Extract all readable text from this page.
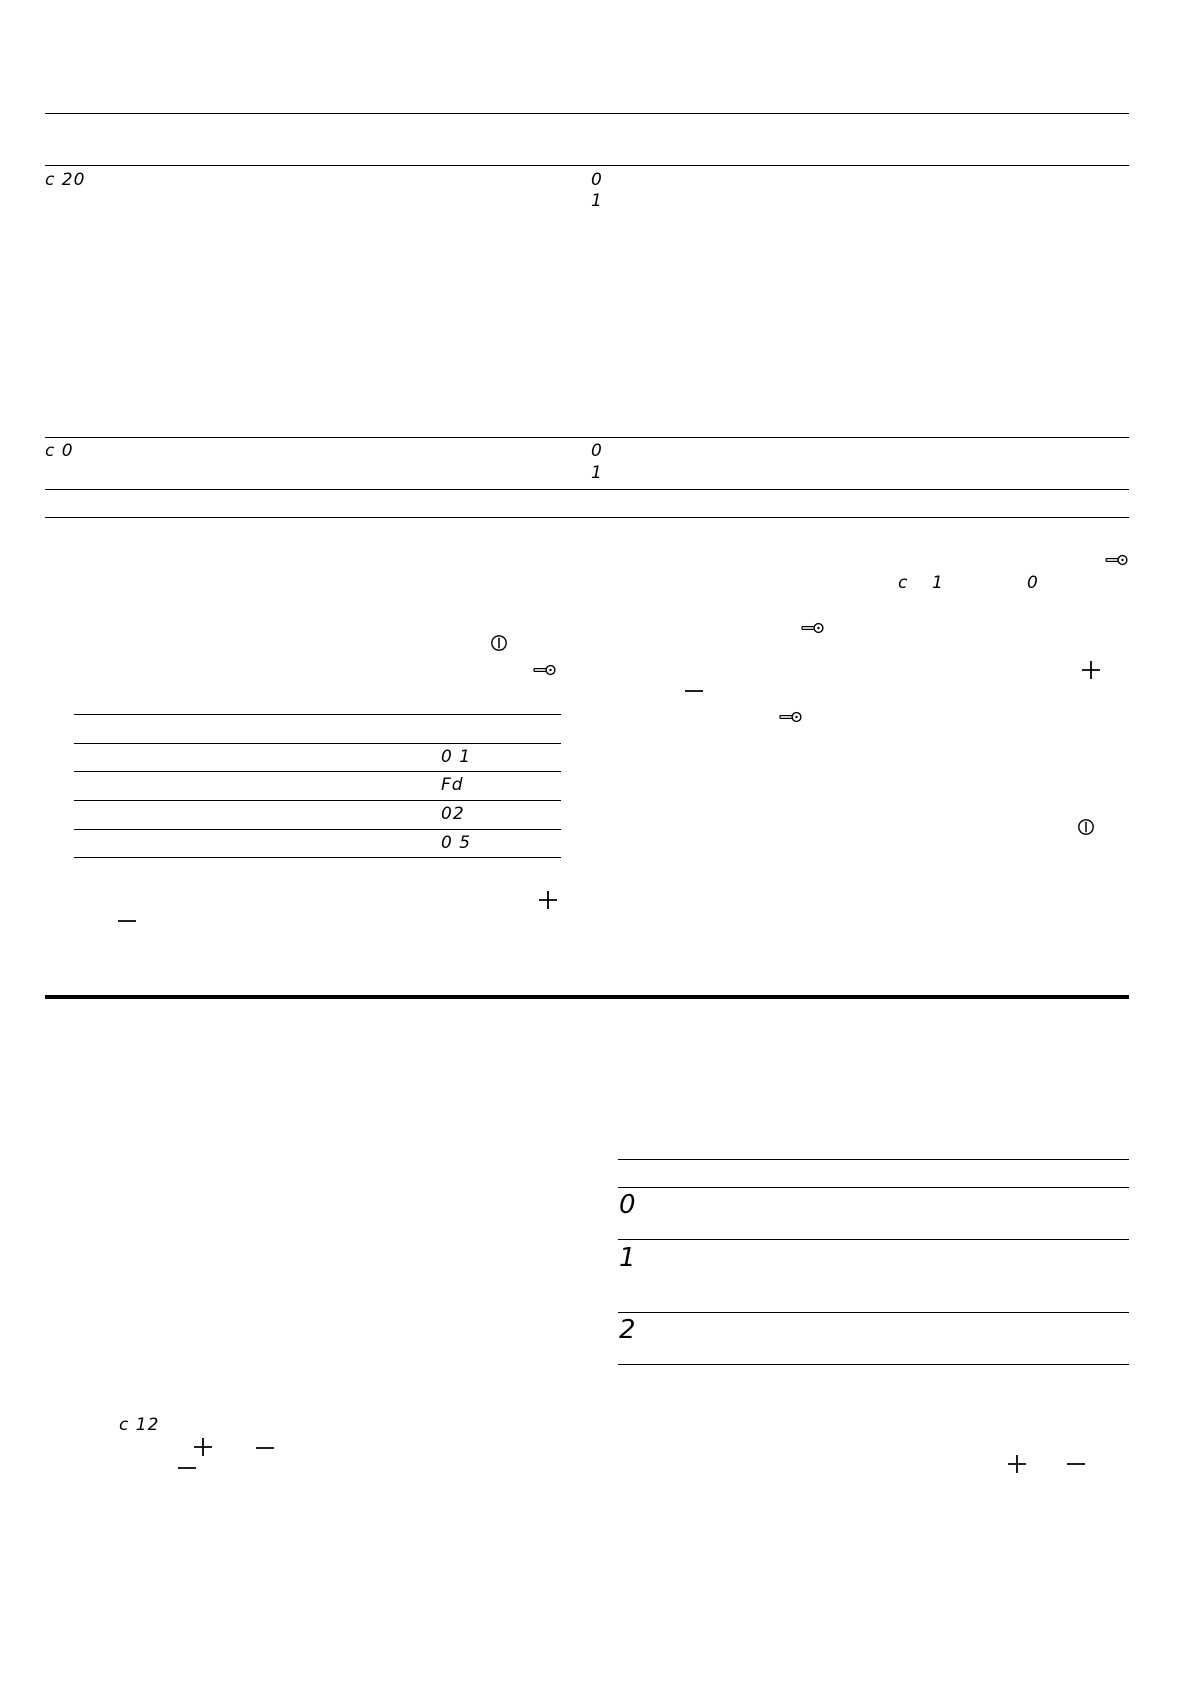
c 20	0
1
c 0	0
1
0 1
Fd
02
0 5
c 1	0
0
1
2
c 12
